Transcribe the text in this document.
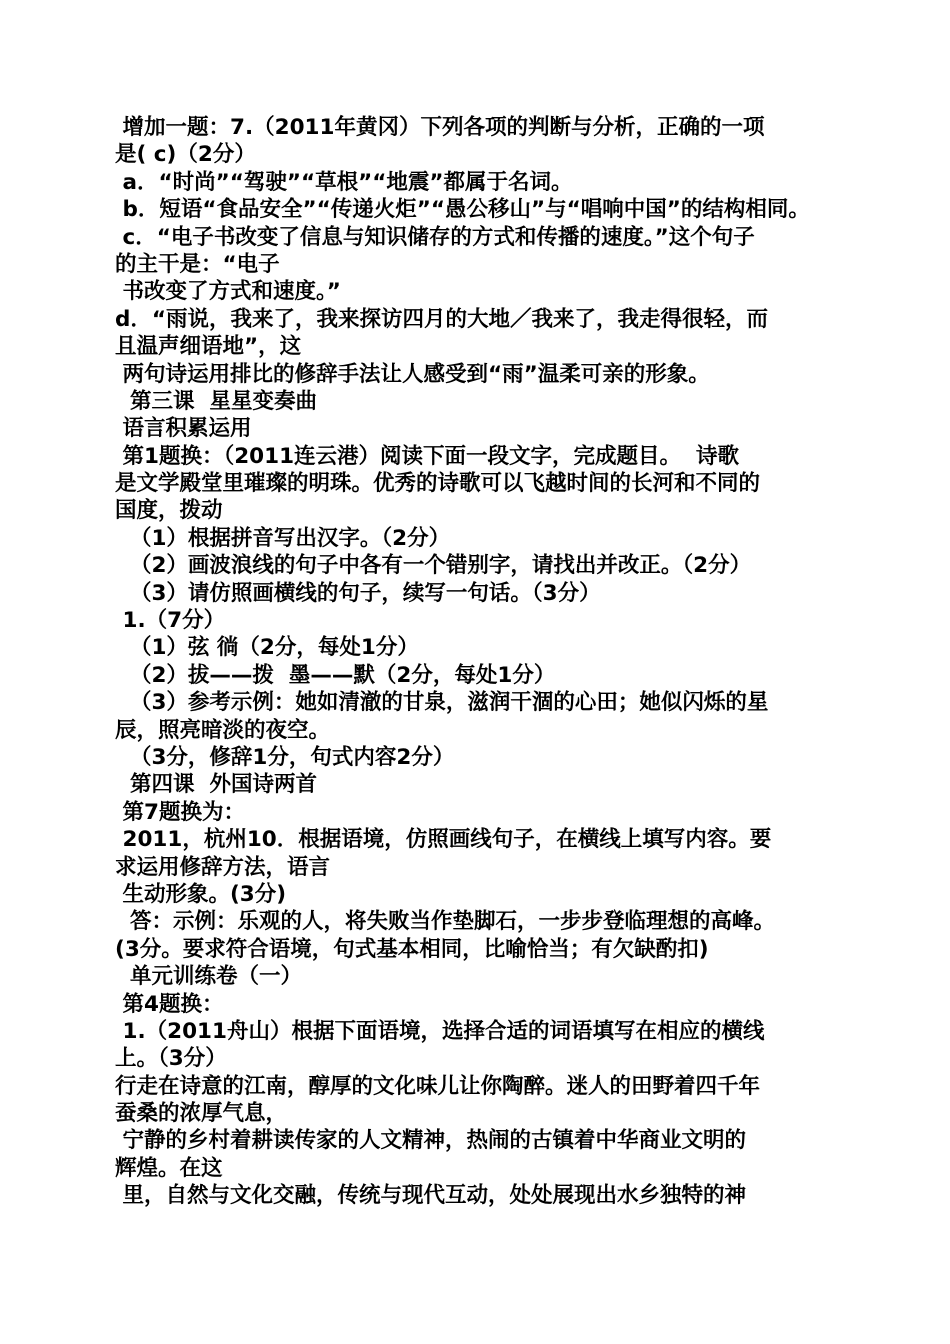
增加一题：7.（2011年黄冈）下列各项的判断与分析，正确的一项
是( c)（2分）
a．“时尚”“驾驶”“草根”“地震”都属于名词。
b．短语“食品安全”“传递火炬”“愚公移山”与“唱响中国”的结构相同。
c．“电子书改变了信息与知识储存的方式和传播的速度。”这个句子
的主干是：“电子
书改变了方式和速度。”
d．“雨说，我来了，我来探访四月的大地／我来了，我走得很轻，而
且温声细语地”，这
两句诗运用排比的修辞手法让人感受到“雨”温柔可亲的形象。
第三课  星星变奏曲
语言积累运用
第1题换：（2011连云港）阅读下面一段文字，完成题目。  诗歌
是文学殿堂里璀璨的明珠。优秀的诗歌可以飞越时间的长河和不同的
国度，拨动
（1）根据拼音写出汉字。（2分）
（2）画波浪线的句子中各有一个错别字，请找出并改正。（2分）
（3）请仿照画横线的句子，续写一句话。（3分）
1.（7分）
（1）弦 徜（2分，每处1分）
（2）拔——拨  墨——默（2分，每处1分）
（3）参考示例：她如清澈的甘泉，滋润干涸的心田；她似闪烁的星
辰，照亮暗淡的夜空。
（3分，修辞1分，句式内容2分）
第四课  外国诗两首
第7题换为：
2011，杭州10．根据语境，仿照画线句子，在横线上填写内容。要
求运用修辞方法，语言
生动形象。(3分)
答：示例：乐观的人，将失败当作垫脚石，一步步登临理想的高峰。
(3分。要求符合语境，句式基本相同，比喻恰当；有欠缺酌扣)
单元训练卷（一）
第4题换：
1.（2011舟山）根据下面语境，选择合适的词语填写在相应的横线
上。（3分）
行走在诗意的江南，醇厚的文化味儿让你陶醉。迷人的田野着四千年
蚕桑的浓厚气息，
宁静的乡村着耕读传家的人文精神，热闹的古镇着中华商业文明的
辉煌。在这
里，自然与文化交融，传统与现代互动，处处展现出水乡独特的神
